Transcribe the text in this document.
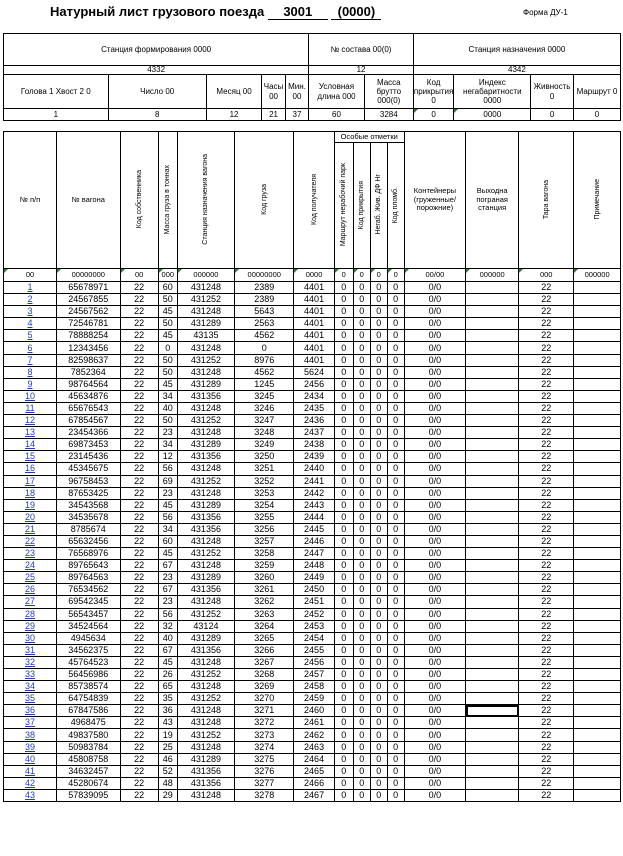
Натурный лист грузового поезда 3001 (0000)	Форма ДУ-1
Станция формирования 0000					№ состава 00(0)		Станция назначения 0000			
4332					12		4342			
Голова 1 Хвост 2 0	Число 00	Месяц 00	Часы 00	Мин. 00	Условная длина 000	Масса брутто 000(0)	Код прикрытия 0	Индекс негабаритности 0000	Живность 0	Маршрут 0
1	8	12	21	37	60	3284	0	0000	0	0
№ п/п	№ вагона	Код собственника	Масса груза в тоннах	Станция назначения вагона	Код груза	Код получателя	Особые отметки				Контейнеры (груженные/ порожние)	Выходна пограная станция	Тара вагона	Примечание
							Маршрут нерабочий парк	Код прикрытия	Негаб. Жив. ДФ Нг	Код пломб.				
00	00000000	00	000	000000	00000000	0000	0	0	0	0	00/00	000000	000	000000
1	65678971	22	60	431248	2389	4401	0	0	0	0	0/0		22	
2	24567855	22	50	431252	2389	4401	0	0	0	0	0/0		22	
3	24567562	22	45	431248	5643	4401	0	0	0	0	0/0		22	
4	72546781	22	50	431289	2563	4401	0	0	0	0	0/0		22	
5	78888254	22	45	43135	4562	4401	0	0	0	0	0/0		22	
6	12343456	22	0	431248	0	4401	0	0	0	0	0/0		22	
7	82598637	22	50	431252	8976	4401	0	0	0	0	0/0		22	
8	7852364	22	50	431248	4562	5624	0	0	0	0	0/0		22	
9	98764564	22	45	431289	1245	2456	0	0	0	0	0/0		22	
10	45634876	22	34	431356	3245	2434	0	0	0	0	0/0		22	
11	65676543	22	40	431248	3246	2435	0	0	0	0	0/0		22	
12	67854567	22	50	431252	3247	2436	0	0	0	0	0/0		22	
13	23454366	22	23	431248	3248	2437	0	0	0	0	0/0		22	
14	69873453	22	34	431289	3249	2438	0	0	0	0	0/0		22	
15	23145436	22	12	431356	3250	2439	0	0	0	0	0/0		22	
16	45345675	22	56	431248	3251	2440	0	0	0	0	0/0		22	
17	96758453	22	69	431252	3252	2441	0	0	0	0	0/0		22	
18	87653425	22	23	431248	3253	2442	0	0	0	0	0/0		22	
19	34543568	22	45	431289	3254	2443	0	0	0	0	0/0		22	
20	34535678	22	56	431356	3255	2444	0	0	0	0	0/0		22	
21	8785674	22	34	431356	3256	2445	0	0	0	0	0/0		22	
22	65632456	22	60	431248	3257	2446	0	0	0	0	0/0		22	
23	76568976	22	45	431252	3258	2447	0	0	0	0	0/0		22	
24	89765643	22	67	431248	3259	2448	0	0	0	0	0/0		22	
25	89764563	22	23	431289	3260	2449	0	0	0	0	0/0		22	
26	76534562	22	67	431356	3261	2450	0	0	0	0	0/0		22	
27	69542345	22	23	431248	3262	2451	0	0	0	0	0/0		22	
28	56543457	22	56	431252	3263	2452	0	0	0	0	0/0		22	
29	34524564	22	32	43124	3264	2453	0	0	0	0	0/0		22	
30	4945634	22	40	431289	3265	2454	0	0	0	0	0/0		22	
31	34562375	22	67	431356	3266	2455	0	0	0	0	0/0		22	
32	45764523	22	45	431248	3267	2456	0	0	0	0	0/0		22	
33	56456986	22	26	431252	3268	2457	0	0	0	0	0/0		22	
34	85738574	22	65	431248	3269	2458	0	0	0	0	0/0		22	
35	64754839	22	35	431252	3270	2459	0	0	0	0	0/0		22	
36	67847586	22	36	431248	3271	2460	0	0	0	0	0/0		22	
37	4968475	22	43	431248	3272	2461	0	0	0	0	0/0		22	
38	49837580	22	19	431252	3273	2462	0	0	0	0	0/0		22	
39	50983784	22	25	431248	3274	2463	0	0	0	0	0/0		22	
40	45808758	22	46	431289	3275	2464	0	0	0	0	0/0		22	
41	34632457	22	52	431356	3276	2465	0	0	0	0	0/0		22	
42	45280674	22	48	431356	3277	2466	0	0	0	0	0/0		22	
43	57839095	22	29	431248	3278	2467	0	0	0	0	0/0		22	
